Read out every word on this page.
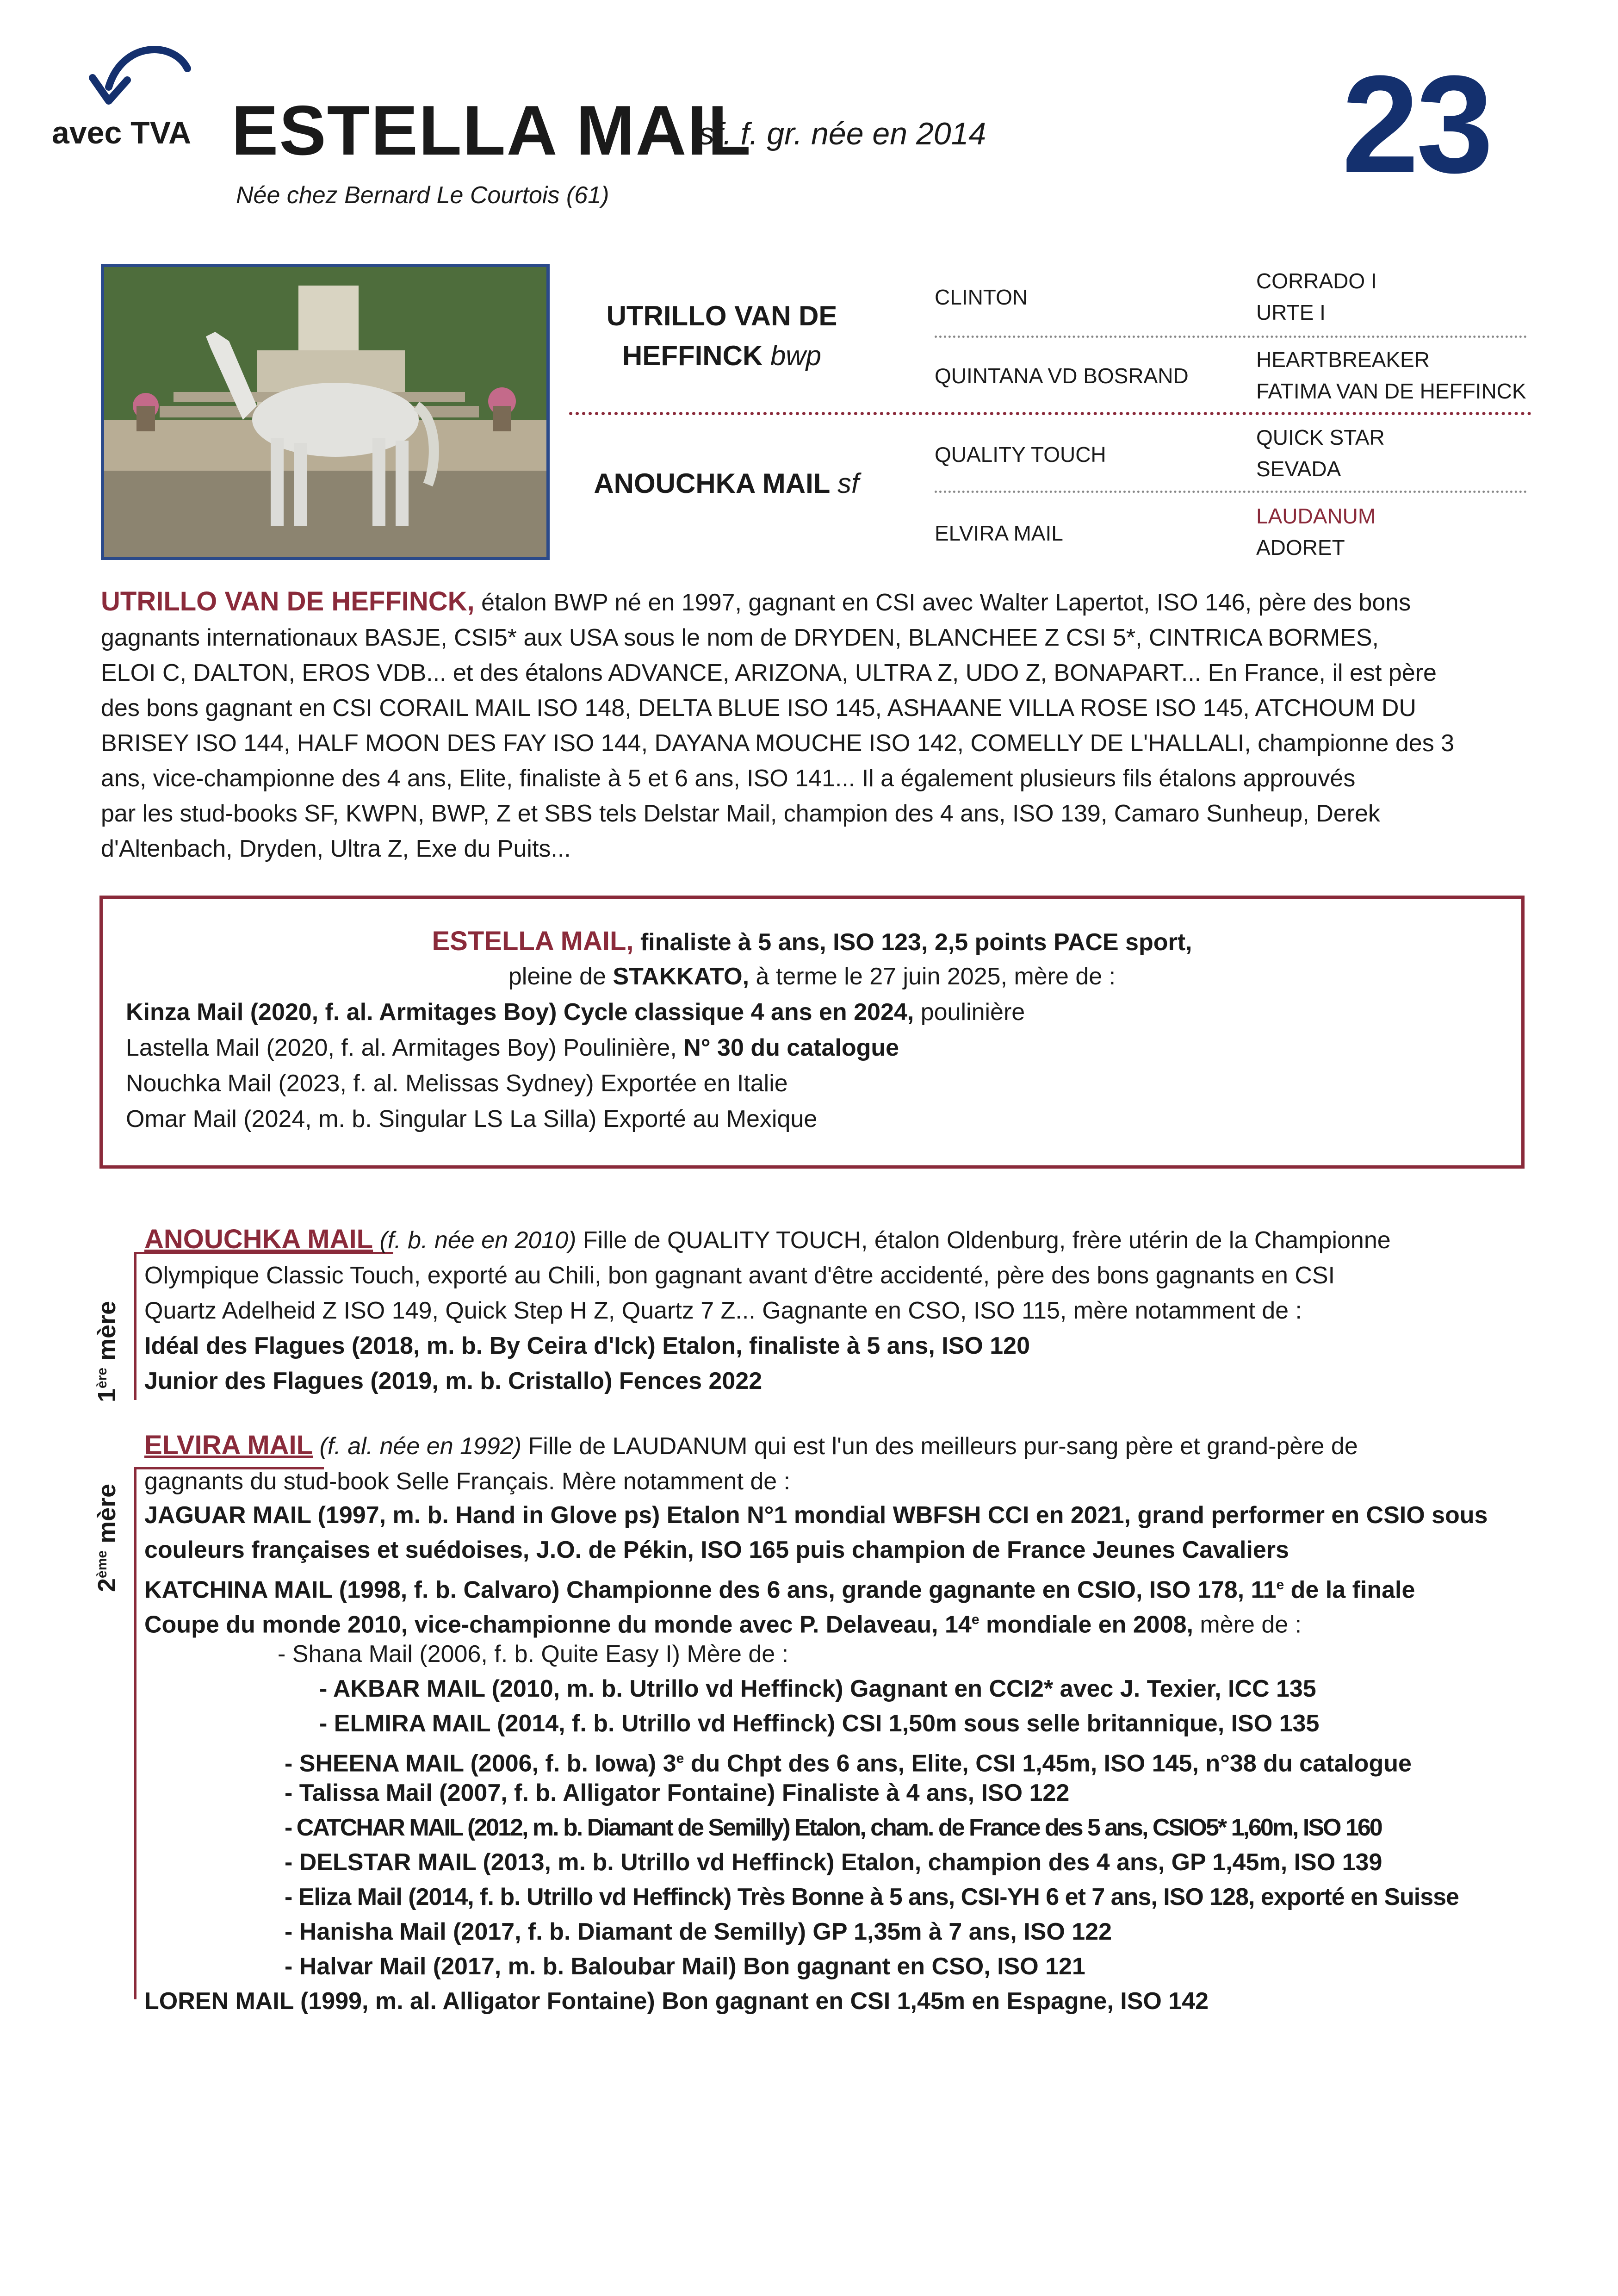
avec TVA ESTELLA MAIL
sf. f. gr. née en 2014
Née chez Bernard Le Courtois (61)	23
UTRILLO VAN DE
HEFFINCK bwp
ANOUCHKA MAIL sf
CLINTON
QUINTANA VD BOSRAND
QUALITY TOUCH
ELVIRA MAIL
CORRADO I
URTE I
HEARTBREAKER
FATIMA VAN DE HEFFINCK
QUICK STAR
SEVADA
LAUDANUM
ADORET
UTRILLO VAN DE HEFFINCK, étalon BWP né en 1997, gagnant en CSI avec Walter Lapertot, ISO 146, père des bons
gagnants internationaux BASJE, CSI5* aux USA sous le nom de DRYDEN, BLANCHEE Z CSI 5*, CINTRICA BORMES,
ELOI C, DALTON, EROS VDB... et des étalons ADVANCE, ARIZONA, ULTRA Z, UDO Z, BONAPART... En France, il est père
des bons gagnant en CSI CORAIL MAIL ISO 148, DELTA BLUE ISO 145, ASHAANE VILLA ROSE ISO 145, ATCHOUM DU
BRISEY ISO 144, HALF MOON DES FAY ISO 144, DAYANA MOUCHE ISO 142, COMELLY DE L'HALLALI, championne des 3
ans, vice-championne des 4 ans, Elite, finaliste à 5 et 6 ans, ISO 141... Il a également plusieurs fils étalons approuvés
par les stud-books SF, KWPN, BWP, Z et SBS tels Delstar Mail, champion des 4 ans, ISO 139, Camaro Sunheup, Derek
d'Altenbach, Dryden, Ultra Z, Exe du Puits...
ESTELLA MAIL, finaliste à 5 ans, ISO 123, 2,5 points PACE sport,
pleine de STAKKATO, à terme le 27 juin 2025, mère de :
Kinza Mail (2020, f. al. Armitages Boy) Cycle classique 4 ans en 2024, poulinière
Lastella Mail (2020, f. al. Armitages Boy) Poulinière, N° 30 du catalogue
Nouchka Mail (2023, f. al. Melissas Sydney) Exportée en Italie
Omar Mail (2024, m. b. Singular LS La Silla) Exporté au Mexique
1ère mère
ANOUCHKA MAIL (f. b. née en 2010) Fille de QUALITY TOUCH, étalon Oldenburg, frère utérin de la Championne
Olympique Classic Touch, exporté au Chili, bon gagnant avant d'être accidenté, père des bons gagnants en CSI
Quartz Adelheid Z ISO 149, Quick Step H Z, Quartz 7 Z... Gagnante en CSO, ISO 115, mère notamment de :
Idéal des Flagues (2018, m. b. By Ceira d'Ick) Etalon, finaliste à 5 ans, ISO 120
Junior des Flagues (2019, m. b. Cristallo) Fences 2022
2ème mère
ELVIRA MAIL (f. al. née en 1992) Fille de LAUDANUM qui est l'un des meilleurs pur-sang père et grand-père de
gagnants du stud-book Selle Français. Mère notamment de :
JAGUAR MAIL (1997, m. b. Hand in Glove ps) Etalon N°1 mondial WBFSH CCI en 2021, grand performer en CSIO sous
couleurs françaises et suédoises, J.O. de Pékin, ISO 165 puis champion de France Jeunes Cavaliers
KATCHINA MAIL (1998, f. b. Calvaro) Championne des 6 ans, grande gagnante en CSIO, ISO 178, 11e de la finale
Coupe du monde 2010, vice-championne du monde avec P. Delaveau, 14e mondiale en 2008, mère de :
- Shana Mail (2006, f. b. Quite Easy I) Mère de :
- AKBAR MAIL (2010, m. b. Utrillo vd Heffinck) Gagnant en CCI2* avec J. Texier, ICC 135
- ELMIRA MAIL (2014, f. b. Utrillo vd Heffinck) CSI 1,50m sous selle britannique, ISO 135
- SHEENA MAIL (2006, f. b. Iowa) 3e du Chpt des 6 ans, Elite, CSI 1,45m, ISO 145, n°38 du catalogue
- Talissa Mail (2007, f. b. Alligator Fontaine) Finaliste à 4 ans, ISO 122
- CATCHAR MAIL (2012, m. b. Diamant de Semilly) Etalon, cham. de France des 5 ans, CSIO5* 1,60m, ISO 160
- DELSTAR MAIL (2013, m. b. Utrillo vd Heffinck) Etalon, champion des 4 ans, GP 1,45m, ISO 139
- Eliza Mail (2014, f. b. Utrillo vd Heffinck) Très Bonne à 5 ans, CSI-YH 6 et 7 ans, ISO 128, exporté en Suisse
- Hanisha Mail (2017, f. b. Diamant de Semilly) GP 1,35m à 7 ans, ISO 122
- Halvar Mail (2017, m. b. Baloubar Mail) Bon gagnant en CSO, ISO 121
LOREN MAIL (1999, m. al. Alligator Fontaine) Bon gagnant en CSI 1,45m en Espagne, ISO 142
